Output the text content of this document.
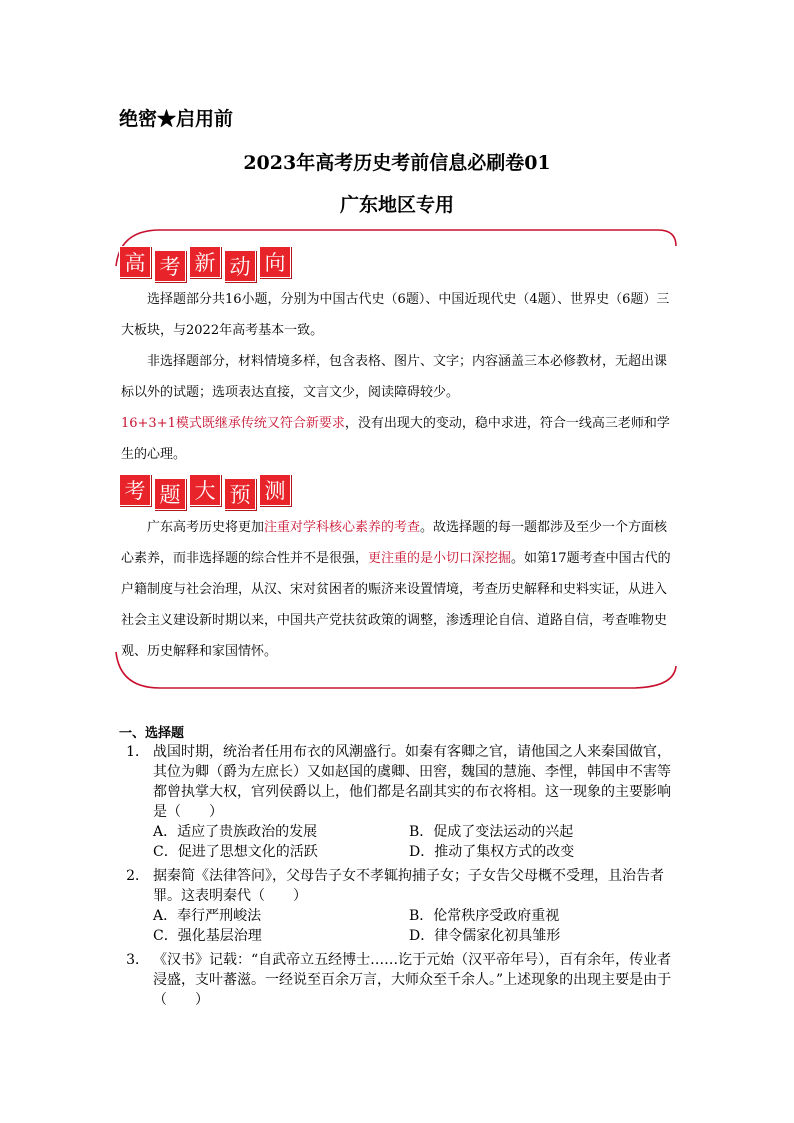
绝密★启用前
2023年高考历史考前信息必刷卷01
广东地区专用
高 考 新 动 向

选择题部分共16小题，分别为中国古代史（6题）、中国近现代史（4题）、世界史（6题）三大板块，与2022年高考基本一致。

非选择题部分，材料情境多样，包含表格、图片、文字；内容涵盖三本必修教材，无超出课标以外的试题；选项表达直接，文言文少，阅读障碍较少。

16+3+1模式既继承传统又符合新要求，没有出现大的变动，稳中求进，符合一线高三老师和学生的心理。

考 题 大 预 测

广东高考历史将更加注重对学科核心素养的考查。故选择题的每一题都涉及至少一个方面核心素养，而非选择题的综合性并不是很强，更注重的是小切口深挖掘。如第17题考查中国古代的户籍制度与社会治理，从汉、宋对贫困者的赈济来设置情境，考查历史解释和史料实证，从进入社会主义建设新时期以来，中国共产党扶贫政策的调整，渗透理论自信、道路自信，考查唯物史观、历史解释和家国情怀。

一、选择题
1． 战国时期，统治者任用布衣的风潮盛行。如秦有客卿之官，请他国之人来秦国做官，其位为卿（爵为左庶长）又如赵国的虞卿、田窖，魏国的慧施、李悝，韩国申不害等都曾执掌大权，官列侯爵以上，他们都是名副其实的布衣将相。这一现象的主要影响是（　　）
A．适应了贵族政治的发展	B．促成了变法运动的兴起
C．促进了思想文化的活跃	D．推动了集权方式的改变
2． 据秦简《法律答问》，父母告子女不孝辄拘捕子女；子女告父母概不受理，且治告者罪。这表明秦代（　　）
A．奉行严刑峻法	B．伦常秩序受政府重视
C．强化基层治理	D．律令儒家化初具雏形
3． 《汉书》记载：“自武帝立五经博士……讫于元始（汉平帝年号），百有余年，传业者浸盛，支叶蕃滋。一经说至百余万言，大师众至千余人。”上述现象的出现主要是由于（　　）
